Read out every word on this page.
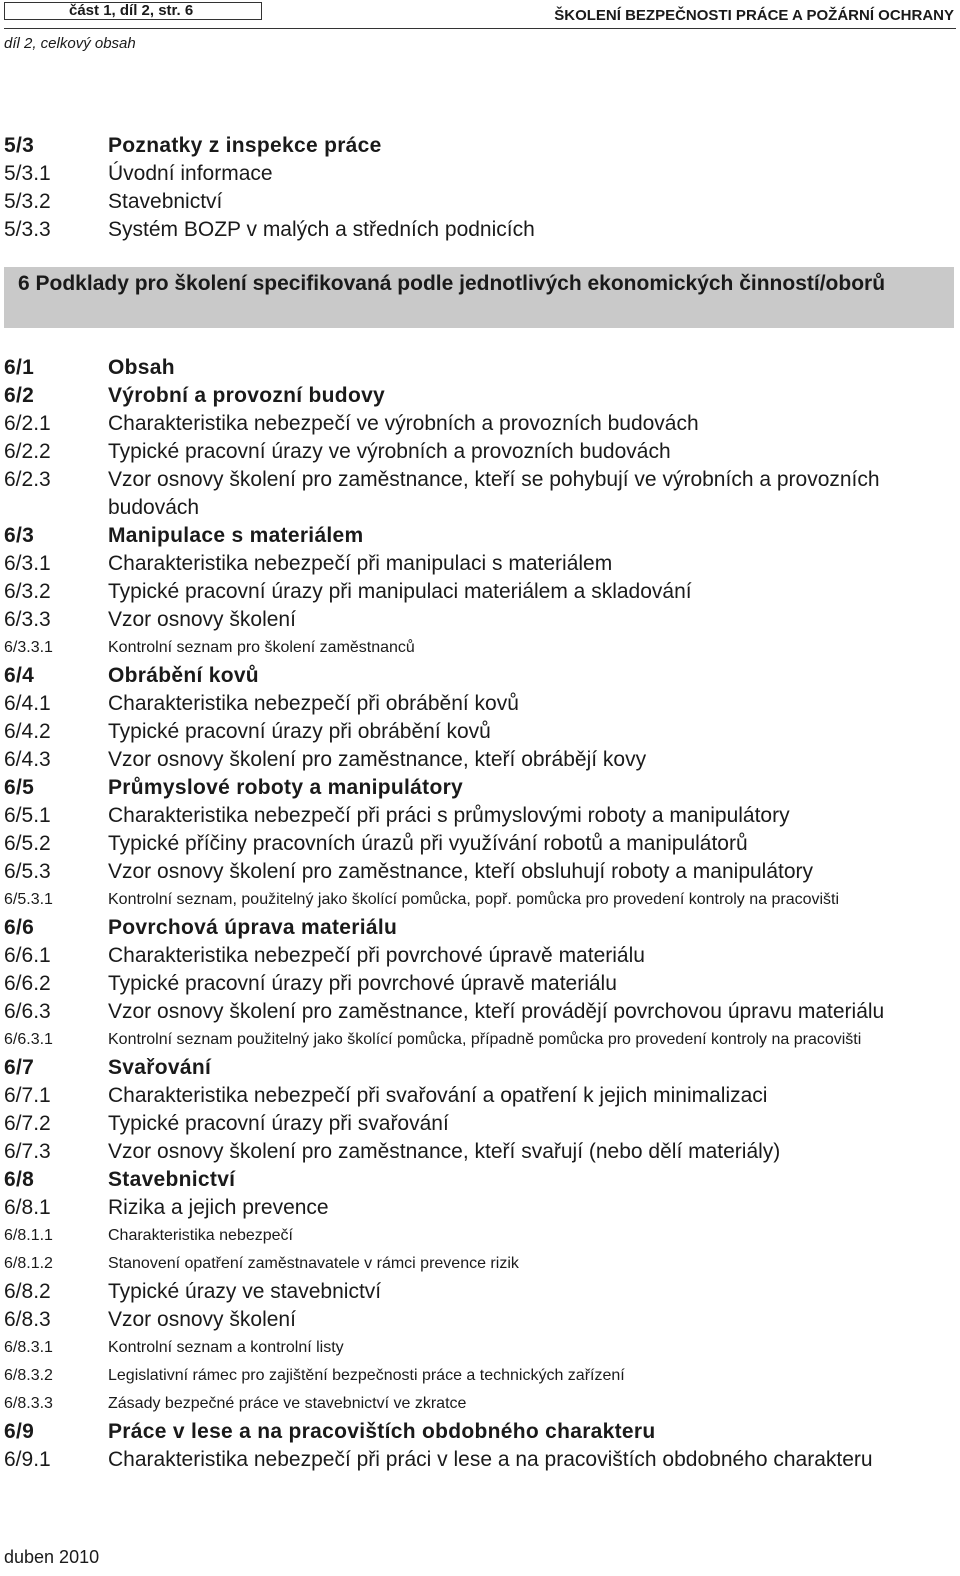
část 1, díl 2, str. 6	ŠKOLENÍ BEZPEČNOSTI PRÁCE A POŽÁRNÍ OCHRANY
díl 2, celkový obsah
5/3	Poznatky z inspekce práce
5/3.1	Úvodní informace
5/3.2	Stavebnictví
5/3.3	Systém BOZP v malých a středních podnicích
6 Podklady pro školení specifikovaná podle jednotlivých ekonomických činností/oborů
6/1	Obsah
6/2	Výrobní a provozní budovy
6/2.1	Charakteristika nebezpečí ve výrobních a provozních budovách
6/2.2	Typické pracovní úrazy ve výrobních a provozních budovách
6/2.3	Vzor osnovy školení pro zaměstnance, kteří se pohybují ve výrobních a provozních budovách
6/3	Manipulace s materiálem
6/3.1	Charakteristika nebezpečí při manipulaci s materiálem
6/3.2	Typické pracovní úrazy při manipulaci materiálem a skladování
6/3.3	Vzor osnovy školení
6/3.3.1	Kontrolní seznam pro školení zaměstnanců
6/4	Obrábění kovů
6/4.1	Charakteristika nebezpečí při obrábění kovů
6/4.2	Typické pracovní úrazy při obrábění kovů
6/4.3	Vzor osnovy školení pro zaměstnance, kteří obrábějí kovy
6/5	Průmyslové roboty a manipulátory
6/5.1	Charakteristika nebezpečí při práci s průmyslovými roboty a manipulátory
6/5.2	Typické příčiny pracovních úrazů při využívání robotů a manipulátorů
6/5.3	Vzor osnovy školení pro zaměstnance, kteří obsluhují roboty a manipulátory
6/5.3.1	Kontrolní seznam, použitelný jako školící pomůcka, popř. pomůcka pro provedení kontroly na pracovišti
6/6	Povrchová úprava materiálu
6/6.1	Charakteristika nebezpečí při povrchové úpravě materiálu
6/6.2	Typické pracovní úrazy při povrchové úpravě materiálu
6/6.3	Vzor osnovy školení pro zaměstnance, kteří provádějí povrchovou úpravu materiálu
6/6.3.1	Kontrolní seznam použitelný jako školící pomůcka, případně pomůcka pro provedení kontroly na pracovišti
6/7	Svařování
6/7.1	Charakteristika nebezpečí při svařování a opatření k jejich minimalizaci
6/7.2	Typické pracovní úrazy při svařování
6/7.3	Vzor osnovy školení pro zaměstnance, kteří svařují (nebo dělí materiály)
6/8	Stavebnictví
6/8.1	Rizika a jejich prevence
6/8.1.1	Charakteristika nebezpečí
6/8.1.2	Stanovení opatření zaměstnavatele v rámci prevence rizik
6/8.2	Typické úrazy ve stavebnictví
6/8.3	Vzor osnovy školení
6/8.3.1	Kontrolní seznam a kontrolní listy
6/8.3.2	Legislativní rámec pro zajištění bezpečnosti práce a technických zařízení
6/8.3.3	Zásady bezpečné práce ve stavebnictví ve zkratce
6/9	Práce v lese a na pracovištích obdobného charakteru
6/9.1	Charakteristika nebezpečí při práci v lese a na pracovištích obdobného charakteru
duben 2010
